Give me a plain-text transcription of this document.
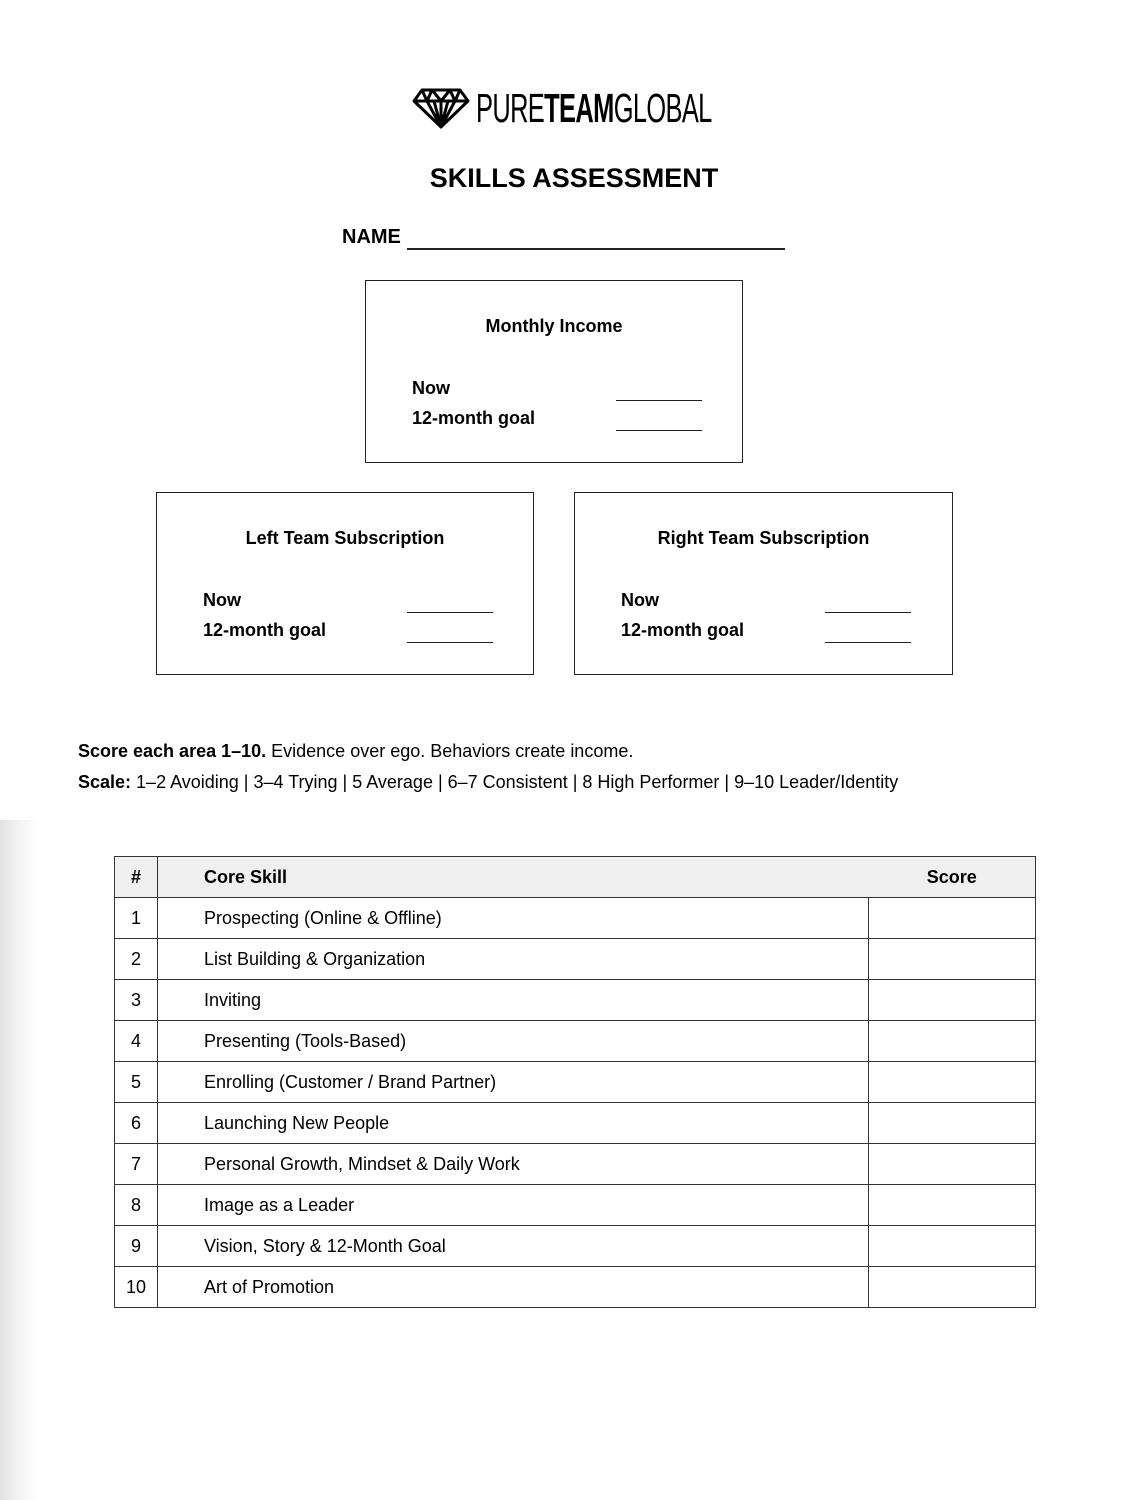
PURETEAMGLOBAL
SKILLS ASSESSMENT
NAME
Monthly Income
Now
12-month goal
Left Team Subscription
Now
12-month goal
Right Team Subscription
Now
12-month goal
Score each area 1–10. Evidence over ego. Behaviors create income.
Scale: 1–2 Avoiding | 3–4 Trying | 5 Average | 6–7 Consistent | 8 High Performer | 9–10 Leader/Identity
#	Core Skill	Score
1	Prospecting (Online & Offline)	
2	List Building & Organization	
3	Inviting	
4	Presenting (Tools-Based)	
5	Enrolling (Customer / Brand Partner)	
6	Launching New People	
7	Personal Growth, Mindset & Daily Work	
8	Image as a Leader	
9	Vision, Story & 12-Month Goal	
10	Art of Promotion	
